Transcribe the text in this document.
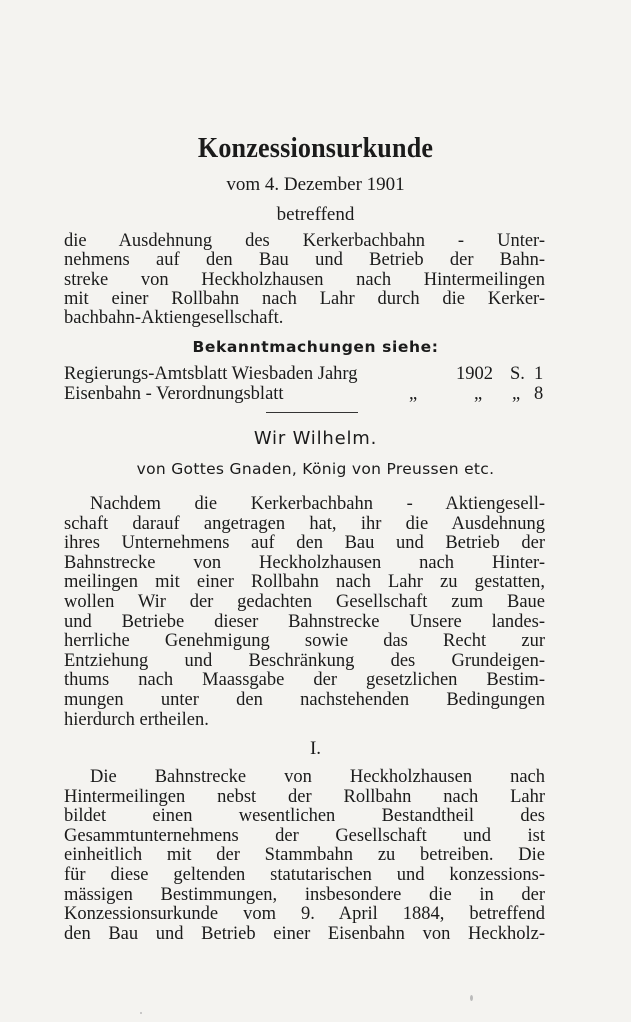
Konzessionsurkunde
vom 4. Dezember 1901
betreffend
die Ausdehnung des Kerkerbachbahn - Unter-
nehmens auf den Bau und Betrieb der Bahn-
streke von Heckholzhausen nach Hintermeilingen
mit einer Rollbahn nach Lahr durch die Kerker-
bachbahn-Aktiengesellschaft.
Bekanntmachungen siehe:
Regierungs-Amtsblatt Wiesbaden Jahrg	1902 S. 1
Eisenbahn - Verordnungsblatt	„	„ „ 8
Wir Wilhelm.
von Gottes Gnaden, König von Preussen etc.
Nachdem die Kerkerbachbahn - Aktiengesell-
schaft darauf angetragen hat, ihr die Ausdehnung
ihres Unternehmens auf den Bau und Betrieb der
Bahnstrecke von Heckholzhausen nach Hinter-
meilingen mit einer Rollbahn nach Lahr zu gestatten,
wollen Wir der gedachten Gesellschaft zum Baue
und Betriebe dieser Bahnstrecke Unsere landes-
herrliche Genehmigung sowie das Recht zur
Entziehung und Beschränkung des Grundeigen-
thums nach Maassgabe der gesetzlichen Bestim-
mungen unter den nachstehenden Bedingungen
hierdurch ertheilen.
I.
Die Bahnstrecke von Heckholzhausen nach
Hintermeilingen nebst der Rollbahn nach Lahr
bildet einen wesentlichen Bestandtheil des
Gesammtunternehmens der Gesellschaft und ist
einheitlich mit der Stammbahn zu betreiben. Die
für diese geltenden statutarischen und konzessions-
mässigen Bestimmungen, insbesondere die in der
Konzessionsurkunde vom 9. April 1884, betreffend
den Bau und Betrieb einer Eisenbahn von Heckholz-
